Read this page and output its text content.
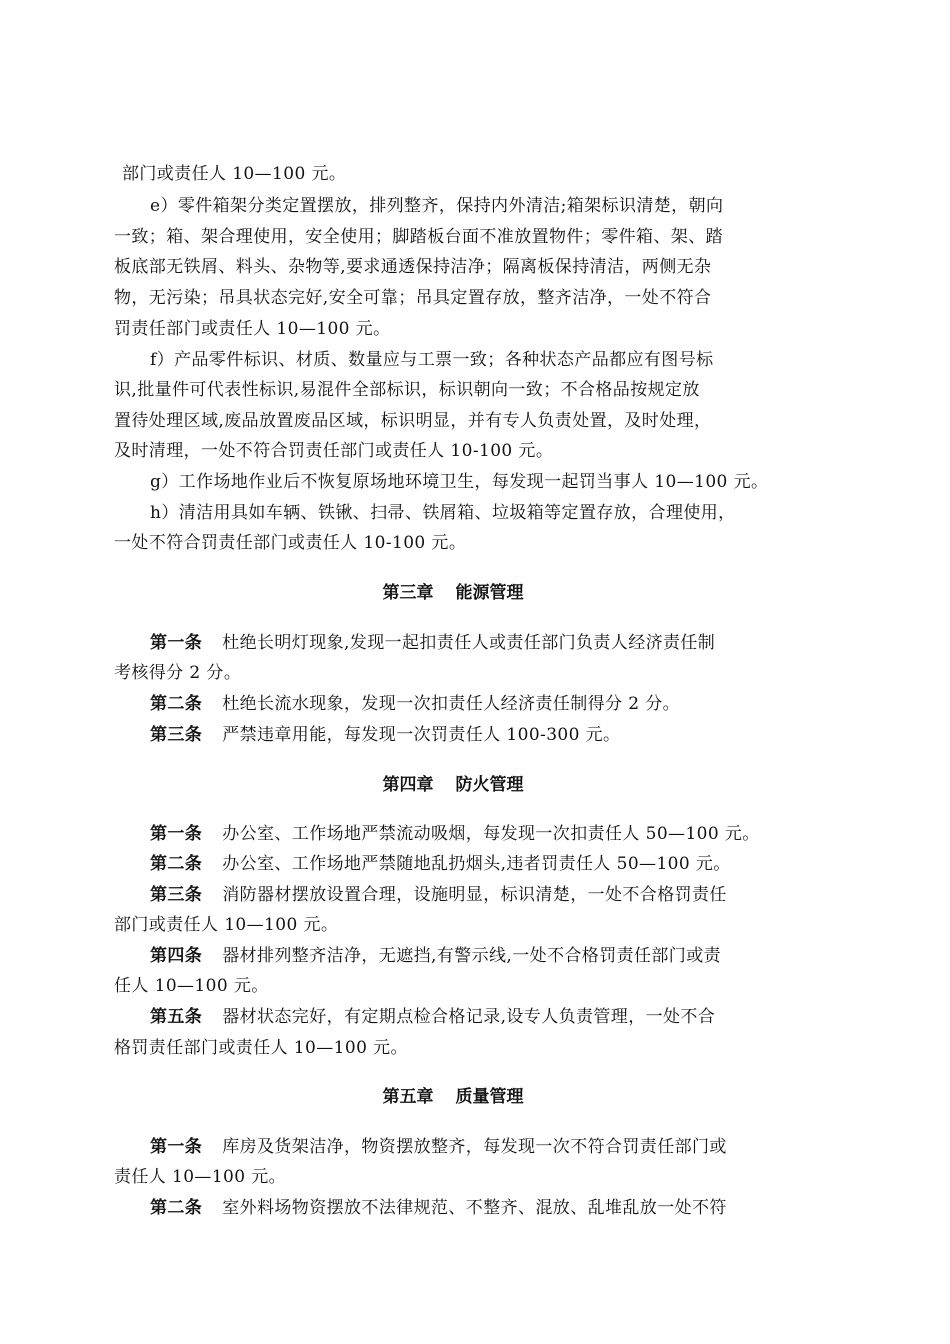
部门或责任人 10—100 元。
e）零件箱架分类定置摆放，排列整齐，保持内外清洁;箱架标识清楚，朝向
一致；箱、架合理使用，安全使用；脚踏板台面不准放置物件；零件箱、架、踏
板底部无铁屑、料头、杂物等,要求通透保持洁净；隔离板保持清洁，两侧无杂
物，无污染；吊具状态完好,安全可靠；吊具定置存放，整齐洁净，一处不符合
罚责任部门或责任人 10—100 元。
f）产品零件标识、材质、数量应与工票一致；各种状态产品都应有图号标
识,批量件可代表性标识,易混件全部标识，标识朝向一致；不合格品按规定放
置待处理区域,废品放置废品区域，标识明显，并有专人负责处置，及时处理，
及时清理，一处不符合罚责任部门或责任人 10-100 元。
g）工作场地作业后不恢复原场地环境卫生，每发现一起罚当事人 10—100 元。
h）清洁用具如车辆、铁锹、扫帚、铁屑箱、垃圾箱等定置存放，合理使用，
一处不符合罚责任部门或责任人 10-100 元。
第三章 能源管理
第一条 杜绝长明灯现象,发现一起扣责任人或责任部门负责人经济责任制
考核得分 2 分。
第二条 杜绝长流水现象，发现一次扣责任人经济责任制得分 2 分。
第三条 严禁违章用能，每发现一次罚责任人 100-300 元。
第四章 防火管理
第一条 办公室、工作场地严禁流动吸烟，每发现一次扣责任人 50—100 元。
第二条 办公室、工作场地严禁随地乱扔烟头,违者罚责任人 50—100 元。
第三条 消防器材摆放设置合理，设施明显，标识清楚，一处不合格罚责任
部门或责任人 10—100 元。
第四条 器材排列整齐洁净，无遮挡,有警示线,一处不合格罚责任部门或责
任人 10—100 元。
第五条 器材状态完好，有定期点检合格记录,设专人负责管理，一处不合
格罚责任部门或责任人 10—100 元。
第五章 质量管理
第一条 库房及货架洁净，物资摆放整齐，每发现一次不符合罚责任部门或
责任人 10—100 元。
第二条 室外料场物资摆放不法律规范、不整齐、混放、乱堆乱放一处不符
